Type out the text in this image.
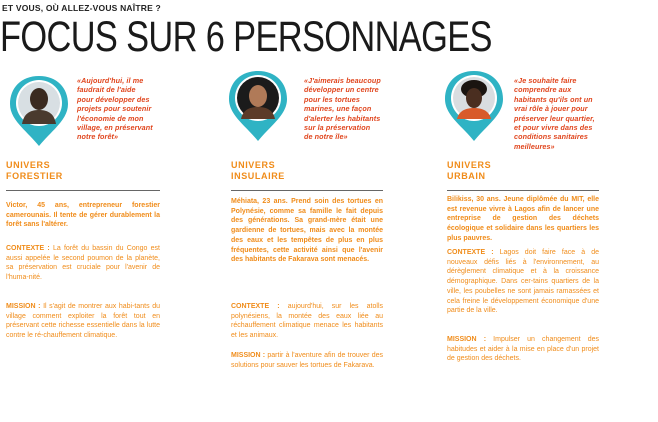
ET VOUS, OÙ ALLEZ-VOUS NAÎTRE ?
FOCUS SUR 6 PERSONNAGES
«Aujourd'hui, il me
faudrait de l'aide
pour développer des
projets pour soutenir
l'économie de mon
village, en préservant
notre forêt»
UNIVERS
FORESTIER
Victor, 45 ans, entrepreneur forestier camerounais. Il tente de gérer durablement la forêt sans l'altérer.
CONTEXTE : La forêt du bassin du Congo est aussi appelée le second poumon de la planète, sa préservation est cruciale pour l'avenir de l'huma-nité.
MISSION : Il s'agit de montrer aux habi-tants du village comment exploiter la forêt tout en préservant cette richesse essentielle dans la lutte contre le ré-chauffement climatique.
«J'aimerais beaucoup
développer un centre
pour les tortues
marines, une façon
d'alerter les habitants
sur la préservation
de notre île»
UNIVERS
INSULAIRE
Méhiata, 23 ans. Prend soin des tortues en Polynésie, comme sa famille le fait depuis des générations. Sa grand-mère était une gardienne de tortues, mais avec la montée des eaux et les tempêtes de plus en plus fréquentes, cette activité ainsi que l'avenir des habitants de Fakarava sont menacés.
CONTEXTE : aujourd'hui, sur les atolls polynésiens, la montée des eaux liée au réchauffement climatique menace les habitants et les animaux.
MISSION : partir à l'aventure afin de trouver des solutions pour sauver les tortues de Fakarava.
«Je souhaite faire
comprendre aux
habitants qu'ils ont un
vrai rôle à jouer pour
préserver leur quartier,
et pour vivre dans des
conditions sanitaires
meilleures»
UNIVERS
URBAIN
Bilikiss, 30 ans. Jeune diplômée du MIT, elle est revenue vivre à Lagos afin de lancer une entreprise de gestion des déchets écologique et solidaire dans les quartiers les plus pauvres.
CONTEXTE : Lagos doit faire face à de nouveaux défis liés à l'environnement, au dérèglement climatique et à la croissance démographique. Dans cer-tains quartiers de la ville, les poubelles ne sont jamais ramassées et cela freine le développement économique d'une partie de la ville.
MISSION : Impulser un changement des habitudes et aider à la mise en place d'un projet de gestion des déchets.
